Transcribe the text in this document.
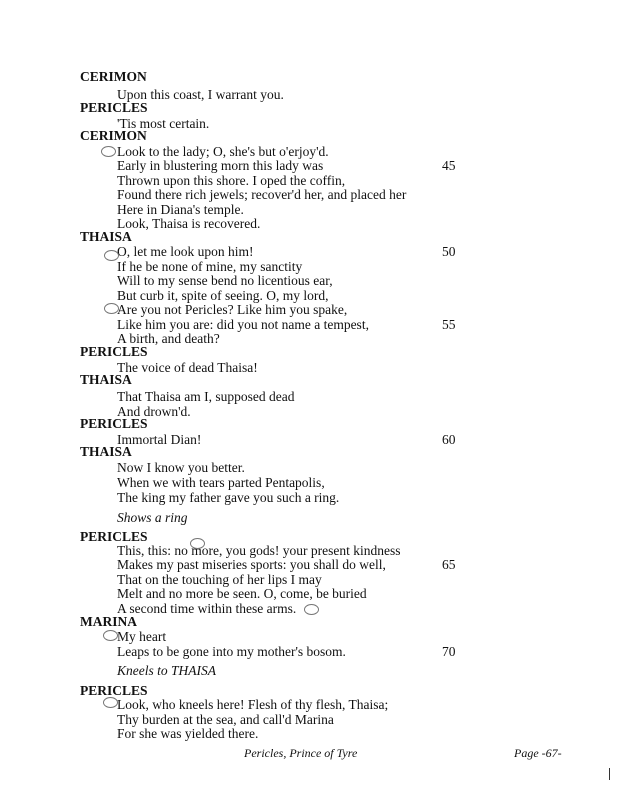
CERIMON
Upon this coast, I warrant you.
PERICLES
'Tis most certain.
CERIMON
Look to the lady; O, she's but o'erjoy'd.
Early in blustering morn this lady was	45
Thrown upon this shore. I oped the coffin,
Found there rich jewels; recover'd her, and placed her
Here in Diana's temple.
Look, Thaisa is recovered.
THAISA
O, let me look upon him!	50
If he be none of mine, my sanctity
Will to my sense bend no licentious ear,
But curb it, spite of seeing. O, my lord,
Are you not Pericles? Like him you spake,
Like him you are: did you not name a tempest,	55
A birth, and death?
PERICLES
The voice of dead Thaisa!
THAISA
That Thaisa am I, supposed dead
And drown'd.
PERICLES
Immortal Dian!	60
THAISA
Now I know you better.
When we with tears parted Pentapolis,
The king my father gave you such a ring.
Shows a ring
PERICLES
This, this: no more, you gods! your present kindness
Makes my past miseries sports: you shall do well,	65
That on the touching of her lips I may
Melt and no more be seen. O, come, be buried
A second time within these arms.
MARINA
My heart
Leaps to be gone into my mother's bosom.	70
Kneels to THAISA
PERICLES
Look, who kneels here! Flesh of thy flesh, Thaisa;
Thy burden at the sea, and call'd Marina
For she was yielded there.
Pericles, Prince of Tyre	Page -67-
